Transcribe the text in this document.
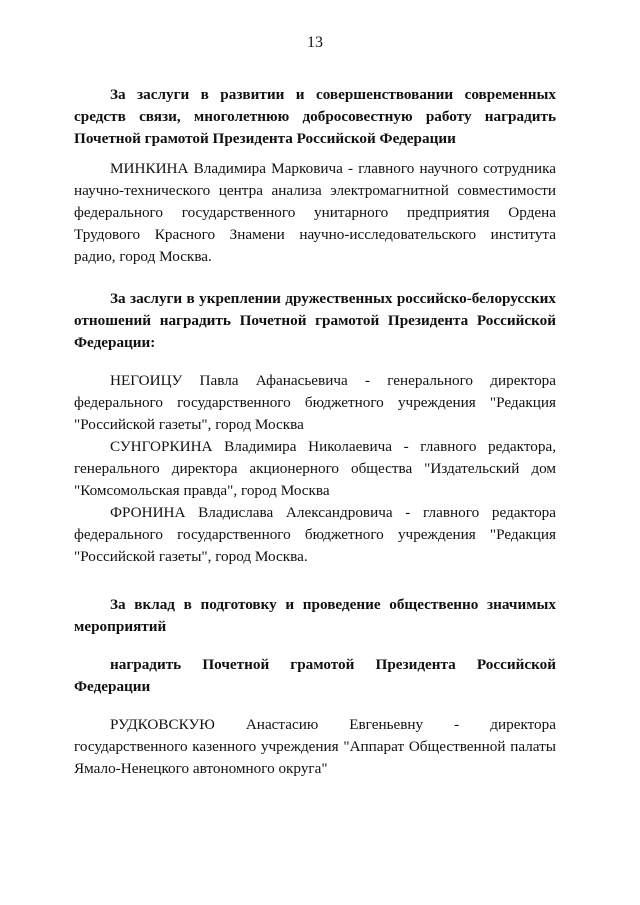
13

За заслуги в развитии и совершенствовании современных средств связи, многолетнюю добросовестную работу наградить Почетной грамотой Президента Российской Федерации

МИНКИНА Владимира Марковича - главного научного сотрудника научно-технического центра анализа электромагнитной совместимости федерального государственного унитарного предприятия Ордена Трудового Красного Знамени научно-исследовательского института радио, город Москва.

За заслуги в укреплении дружественных российско-белорусских отношений наградить Почетной грамотой Президента Российской Федерации:

НЕГОИЦУ Павла Афанасьевича - генерального директора федерального государственного бюджетного учреждения "Редакция "Российской газеты", город Москва

СУНГОРКИНА Владимира Николаевича - главного редактора, генерального директора акционерного общества "Издательский дом "Комсомольская правда", город Москва

ФРОНИНА Владислава Александровича - главного редактора федерального государственного бюджетного учреждения "Редакция "Российской газеты", город Москва.

За вклад в подготовку и проведение общественно значимых мероприятий

наградить Почетной грамотой Президента Российской Федерации

РУДКОВСКУЮ Анастасию Евгеньевну - директора государственного казенного учреждения "Аппарат Общественной палаты Ямало-Ненецкого автономного округа"
